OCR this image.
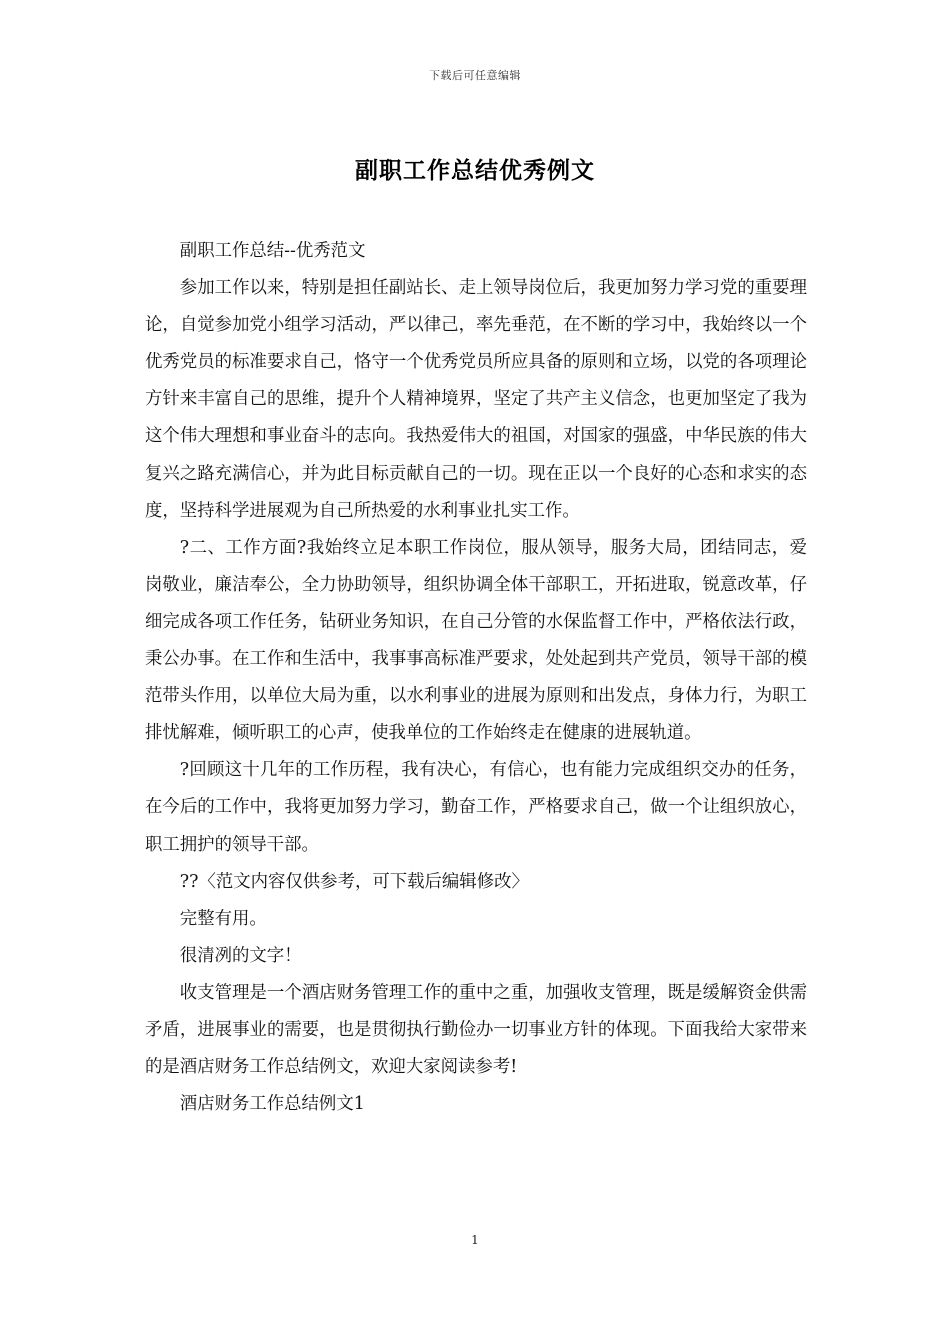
下载后可任意编辑
副职工作总结优秀例文

副职工作总结--优秀范文

参加工作以来，特别是担任副站长、走上领导岗位后，我更加努力学习党的重要理论，自觉参加党小组学习活动，严以律己，率先垂范，在不断的学习中，我始终以一个优秀党员的标准要求自己，恪守一个优秀党员所应具备的原则和立场，以党的各项理论方针来丰富自己的思维，提升个人精神境界，坚定了共产主义信念，也更加坚定了我为这个伟大理想和事业奋斗的志向。我热爱伟大的祖国，对国家的强盛，中华民族的伟大复兴之路充满信心，并为此目标贡献自己的一切。现在正以一个良好的心态和求实的态度，坚持科学进展观为自己所热爱的水利事业扎实工作。

?二、工作方面?我始终立足本职工作岗位，服从领导，服务大局，团结同志，爱岗敬业，廉洁奉公，全力协助领导，组织协调全体干部职工，开拓进取，锐意改革，仔细完成各项工作任务，钻研业务知识，在自己分管的水保监督工作中，严格依法行政，秉公办事。在工作和生活中，我事事高标准严要求，处处起到共产党员，领导干部的模范带头作用，以单位大局为重，以水利事业的进展为原则和出发点，身体力行，为职工排忧解难，倾听职工的心声，使我单位的工作始终走在健康的进展轨道。

?回顾这十几年的工作历程，我有决心，有信心，也有能力完成组织交办的任务，在今后的工作中，我将更加努力学习，勤奋工作，严格要求自己，做一个让组织放心，职工拥护的领导干部。

??〈范文内容仅供参考，可下载后编辑修改〉

完整有用。

很清冽的文字！

收支管理是一个酒店财务管理工作的重中之重，加强收支管理，既是缓解资金供需矛盾，进展事业的需要，也是贯彻执行勤俭办一切事业方针的体现。下面我给大家带来的是酒店财务工作总结例文，欢迎大家阅读参考!

酒店财务工作总结例文1

1
